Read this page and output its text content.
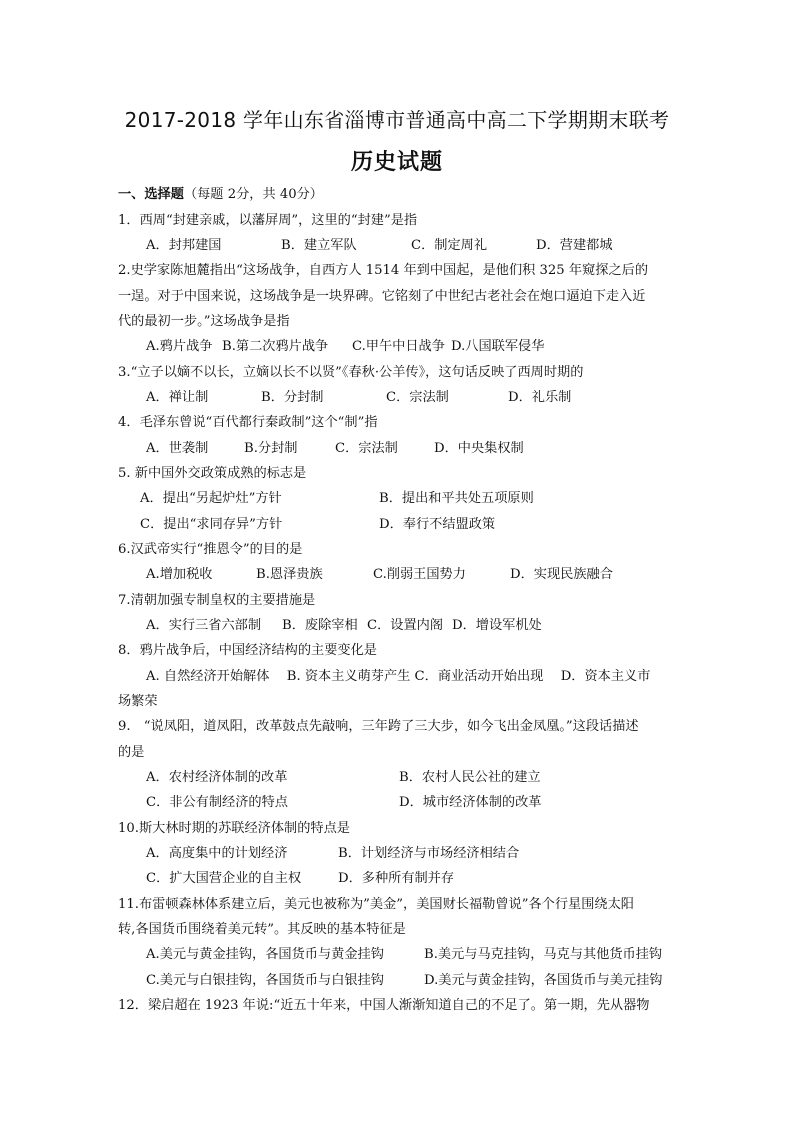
2017-2018 学年山东省淄博市普通高中高二下学期期末联考
历史试题
一、选择题（每题 2分，共 40分）
1．西周“封建亲戚，以藩屏周”，这里的“封建”是指
A．封邦建国	B．建立军队	C．制定周礼	D．营建都城
2.史学家陈旭麓指出“这场战争，自西方人 1514 年到中国起，是他们积 325 年窥探之后的
一逞。对于中国来说，这场战争是一块界碑。它铭刻了中世纪古老社会在炮口逼迫下走入近
代的最初一步。”这场战争是指
A.鸦片战争 B.第二次鸦片战争 C.甲午中日战争 D.八国联军侵华
3.“立子以嫡不以长，立嫡以长不以贤”《春秋·公羊传》，这句话反映了西周时期的
A．禅让制	B．分封制	C．宗法制	D．礼乐制
4．毛泽东曾说“百代都行秦政制”这个“制”指
A．世袭制	B.分封制	C．宗法制	D．中央集权制
5. 新中国外交政策成熟的标志是
A．提出“另起炉灶”方针	B．提出和平共处五项原则
C．提出“求同存异”方针	D．奉行不结盟政策
6.汉武帝实行“推恩令”的目的是
A.增加税收	B.恩泽贵族	C.削弱王国势力	D．实现民族融合
7.清朝加强专制皇权的主要措施是
A．实行三省六部制 B．废除宰相 C．设置内阁 D．增设军机处
8．鸦片战争后，中国经济结构的主要变化是
A. 自然经济开始解体　 B. 资本主义萌芽产生 C．商业活动开始出现　 D．资本主义市
场繁荣
9.　“说凤阳，道凤阳，改革鼓点先敲响，三年跨了三大步，如今飞出金凤凰。”这段话描述
的是
A．农村经济体制的改革	B．农村人民公社的建立
C．非公有制经济的特点	D．城市经济体制的改革
10.斯大林时期的苏联经济体制的特点是
A．高度集中的计划经济	B．计划经济与市场经济相结合
C．扩大国营企业的自主权	D．多种所有制并存
11.布雷顿森林体系建立后，美元也被称为”美金”，美国财长福勒曾说”各个行星围绕太阳
转,各国货币围绕着美元转”。其反映的基本特征是
A.美元与黄金挂钩，各国货币与黄金挂钩	B.美元与马克挂钩，马克与其他货币挂钩
C.美元与白银挂钩，各国货币与白银挂钩	D.美元与黄金挂钩，各国货币与美元挂钩
12．梁启超在 1923 年说:“近五十年来，中国人渐渐知道自己的不足了。第一期，先从器物
